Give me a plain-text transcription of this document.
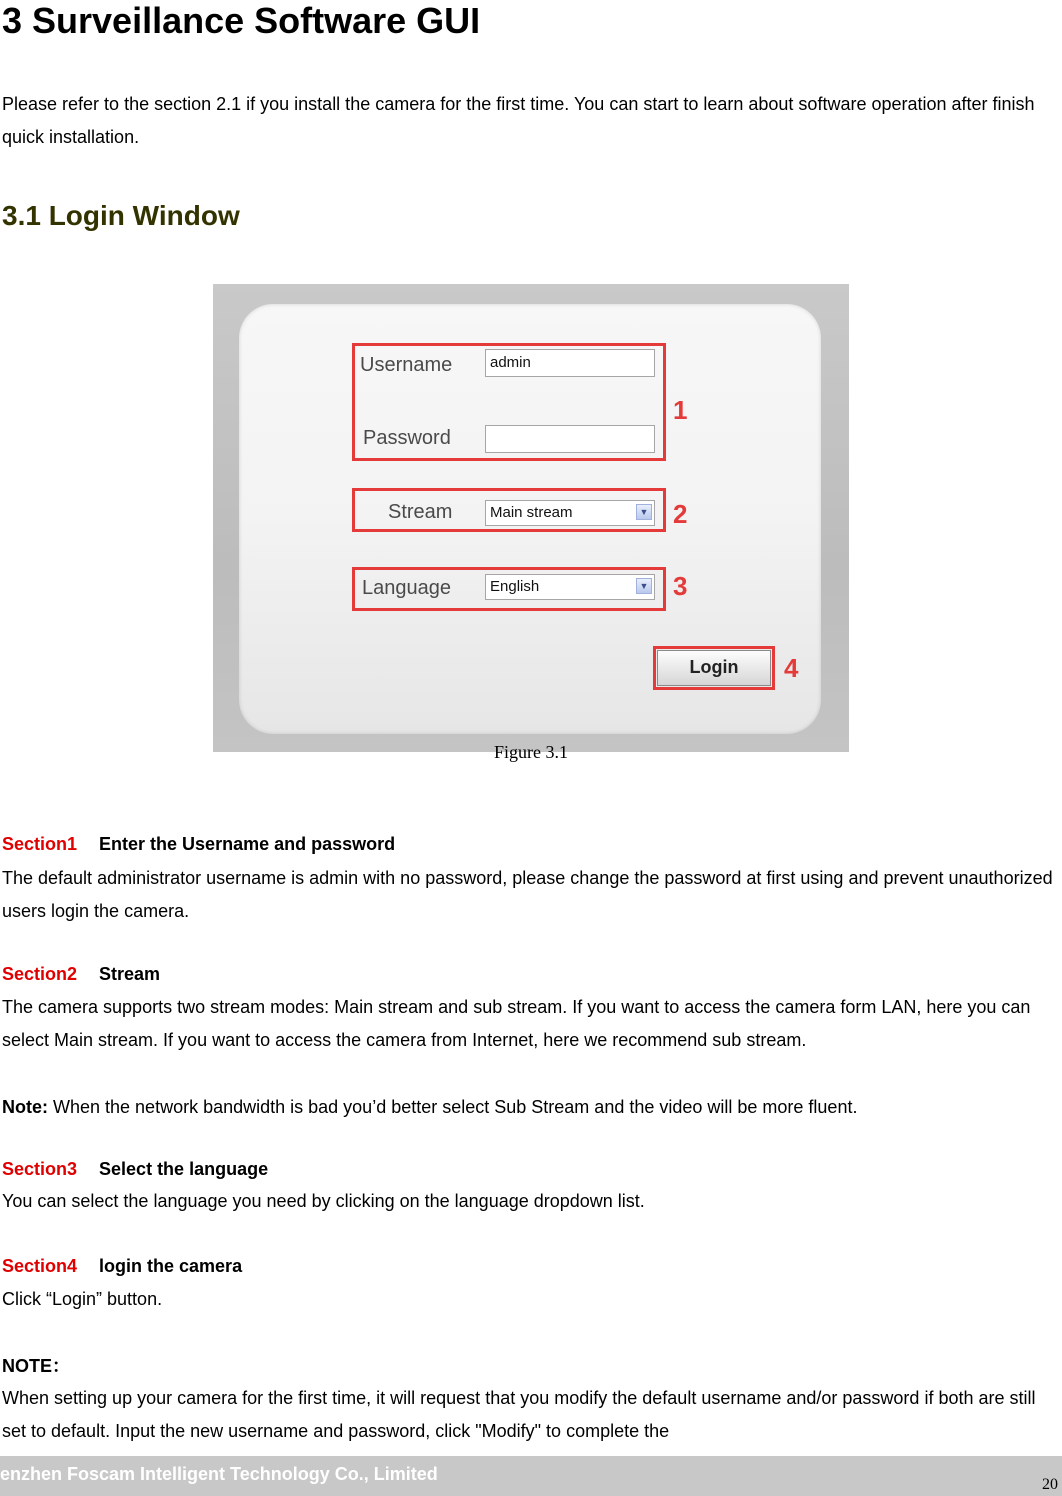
3 Surveillance Software GUI

Please refer to the section 2.1 if you install the camera for the first time. You can start to learn about software operation after finish quick installation.

3.1 Login Window
Username	admin
Password
1
Stream	Main stream	▼ 2
Language	English	▼ 3
Login	4
Figure 3.1
Section1 Enter the Username and password

The default administrator username is admin with no password, please change the password at first using and prevent unauthorized users login the camera.

Section2 Stream

The camera supports two stream modes: Main stream and sub stream. If you want to access the camera form LAN, here you can select Main stream. If you want to access the camera from Internet, here we recommend sub stream.

Note: When the network bandwidth is bad you’d better select Sub Stream and the video will be more fluent.

Section3 Select the language

You can select the language you need by clicking on the language dropdown list.

Section4 login the camera

Click “Login” button.

NOTE：

When setting up your camera for the first time, it will request that you modify the default username and/or password if both are still set to default. Input the new username and password, click "Modify" to complete the

enzhen Foscam Intelligent Technology Co., Limited
20
